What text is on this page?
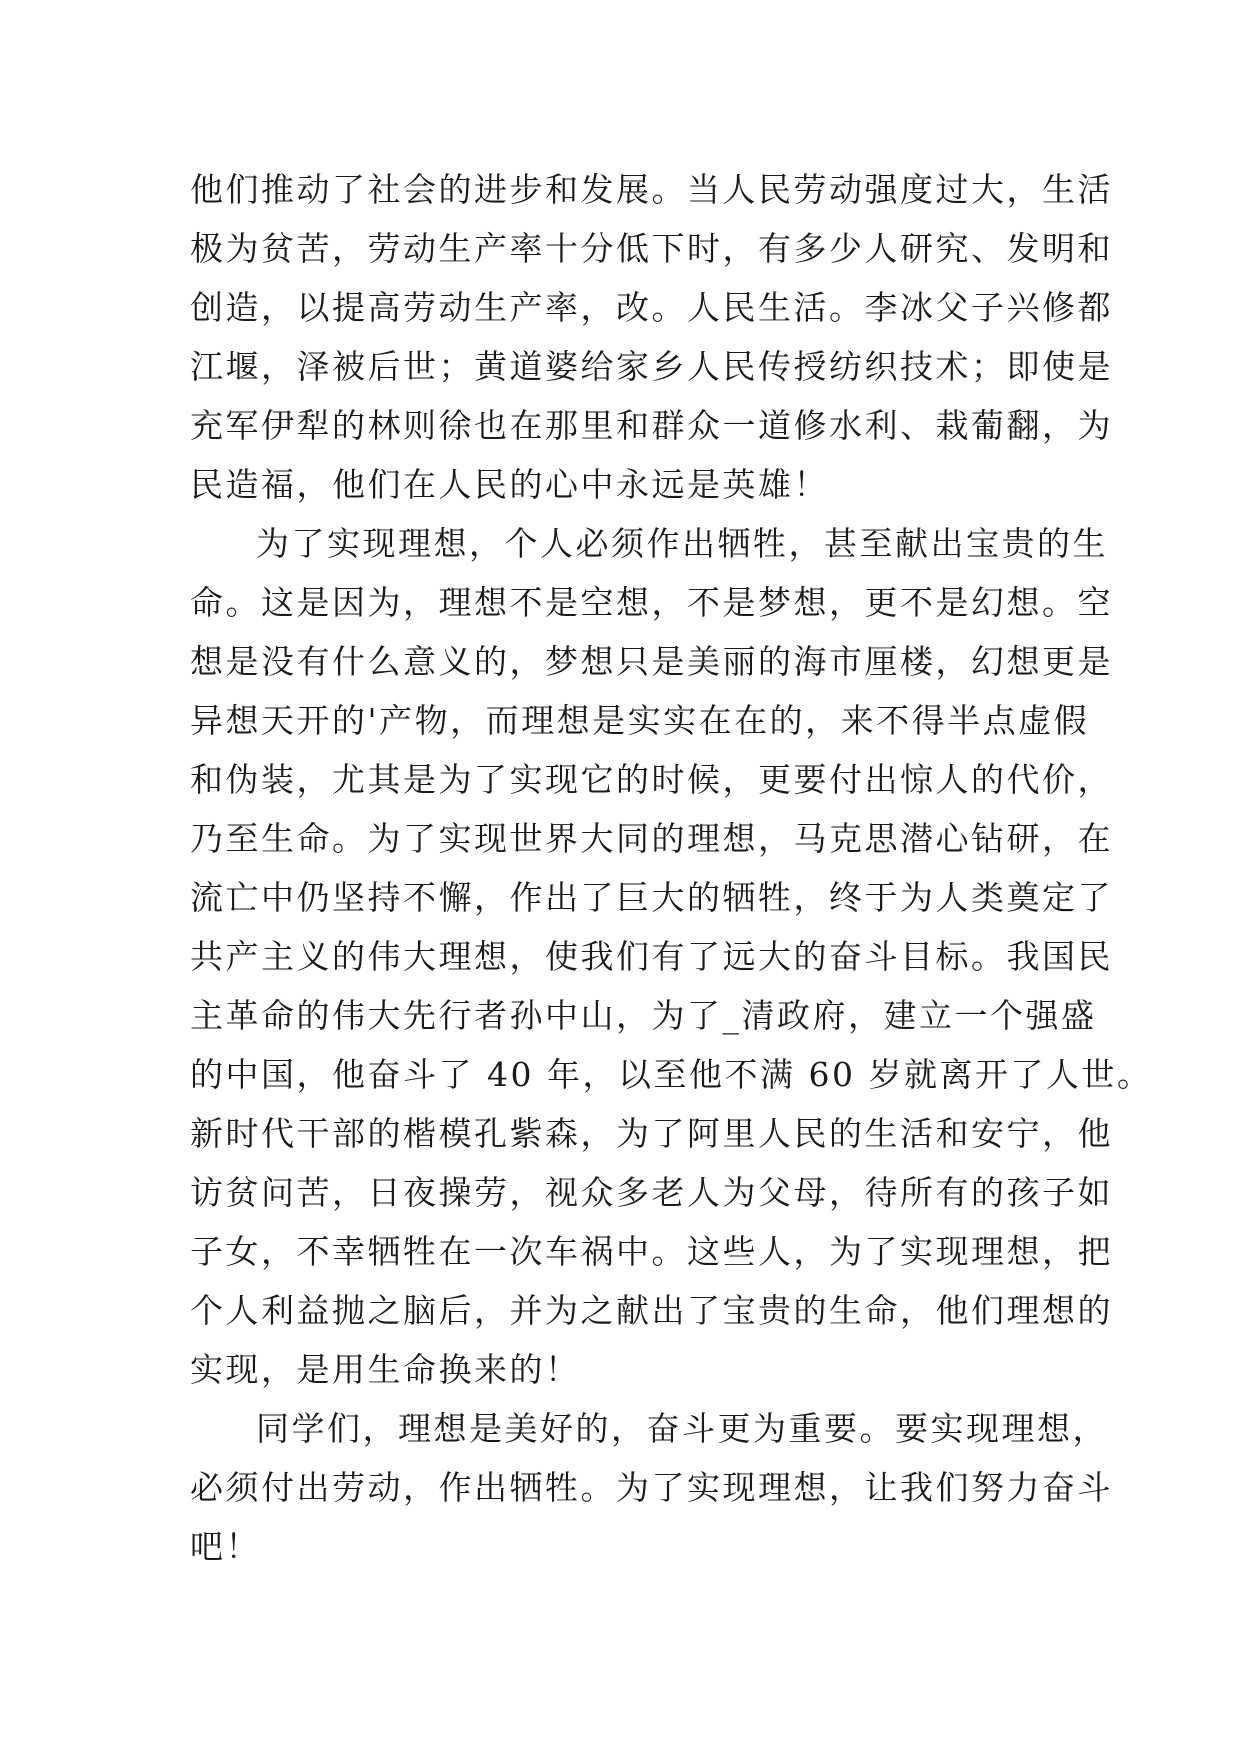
他们推动了社会的进步和发展。当人民劳动强度过大，生活
极为贫苦，劳动生产率十分低下时，有多少人研究、发明和
创造，以提高劳动生产率，改。人民生活。李冰父子兴修都
江堰，泽被后世；黄道婆给家乡人民传授纺织技术；即使是
充军伊犁的林则徐也在那里和群众一道修水利、栽葡翻，为
民造福，他们在人民的心中永远是英雄！
为了实现理想，个人必须作出牺牲，甚至献出宝贵的生
命。这是因为，理想不是空想，不是梦想，更不是幻想。空
想是没有什么意义的，梦想只是美丽的海市厘楼，幻想更是
异想天开的'产物，而理想是实实在在的，来不得半点虚假
和伪装，尤其是为了实现它的时候，更要付出惊人的代价，
乃至生命。为了实现世界大同的理想，马克思潜心钻研，在
流亡中仍坚持不懈，作出了巨大的牺牲，终于为人类奠定了
共产主义的伟大理想，使我们有了远大的奋斗目标。我国民
主革命的伟大先行者孙中山，为了_清政府，建立一个强盛
的中国，他奋斗了 40 年，以至他不满 60 岁就离开了人世。
新时代干部的楷模孔紫森，为了阿里人民的生活和安宁，他
访贫问苦，日夜操劳，视众多老人为父母，待所有的孩子如
子女，不幸牺牲在一次车祸中。这些人，为了实现理想，把
个人利益抛之脑后，并为之献出了宝贵的生命，他们理想的
实现，是用生命换来的！
同学们，理想是美好的，奋斗更为重要。要实现理想，
必须付出劳动，作出牺牲。为了实现理想，让我们努力奋斗
吧！
